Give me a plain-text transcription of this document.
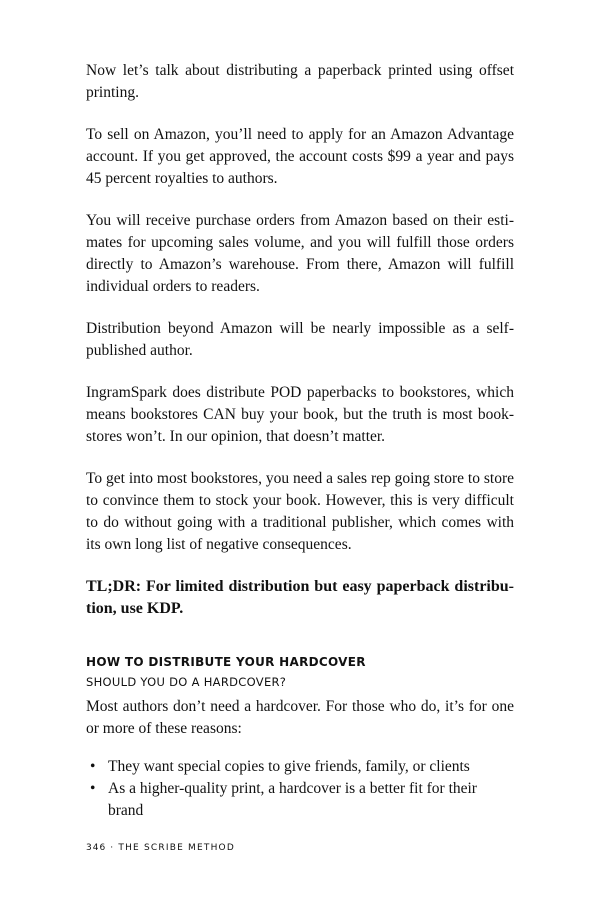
Now let’s talk about distributing a paperback printed using offset printing.

To sell on Amazon, you’ll need to apply for an Amazon Advantage account. If you get approved, the account costs $99 a year and pays 45 percent royalties to authors.

You will receive purchase orders from Amazon based on their estimates for upcoming sales volume, and you will fulfill those orders directly to Amazon’s warehouse. From there, Amazon will fulfill individual orders to readers.

Distribution beyond Amazon will be nearly impossible as a self-published author.

IngramSpark does distribute POD paperbacks to bookstores, which means bookstores CAN buy your book, but the truth is most bookstores won’t. In our opinion, that doesn’t matter.

To get into most bookstores, you need a sales rep going store to store to convince them to stock your book. However, this is very difficult to do without going with a traditional publisher, which comes with its own long list of negative consequences.

TL;DR: For limited distribution but easy paperback distribution, use KDP.

HOW TO DISTRIBUTE YOUR HARDCOVER
SHOULD YOU DO A HARDCOVER?

Most authors don’t need a hardcover. For those who do, it’s for one or more of these reasons:

• They want special copies to give friends, family, or clients
• As a higher-quality print, a hardcover is a better fit for their brand
346 · THE SCRIBE METHOD
